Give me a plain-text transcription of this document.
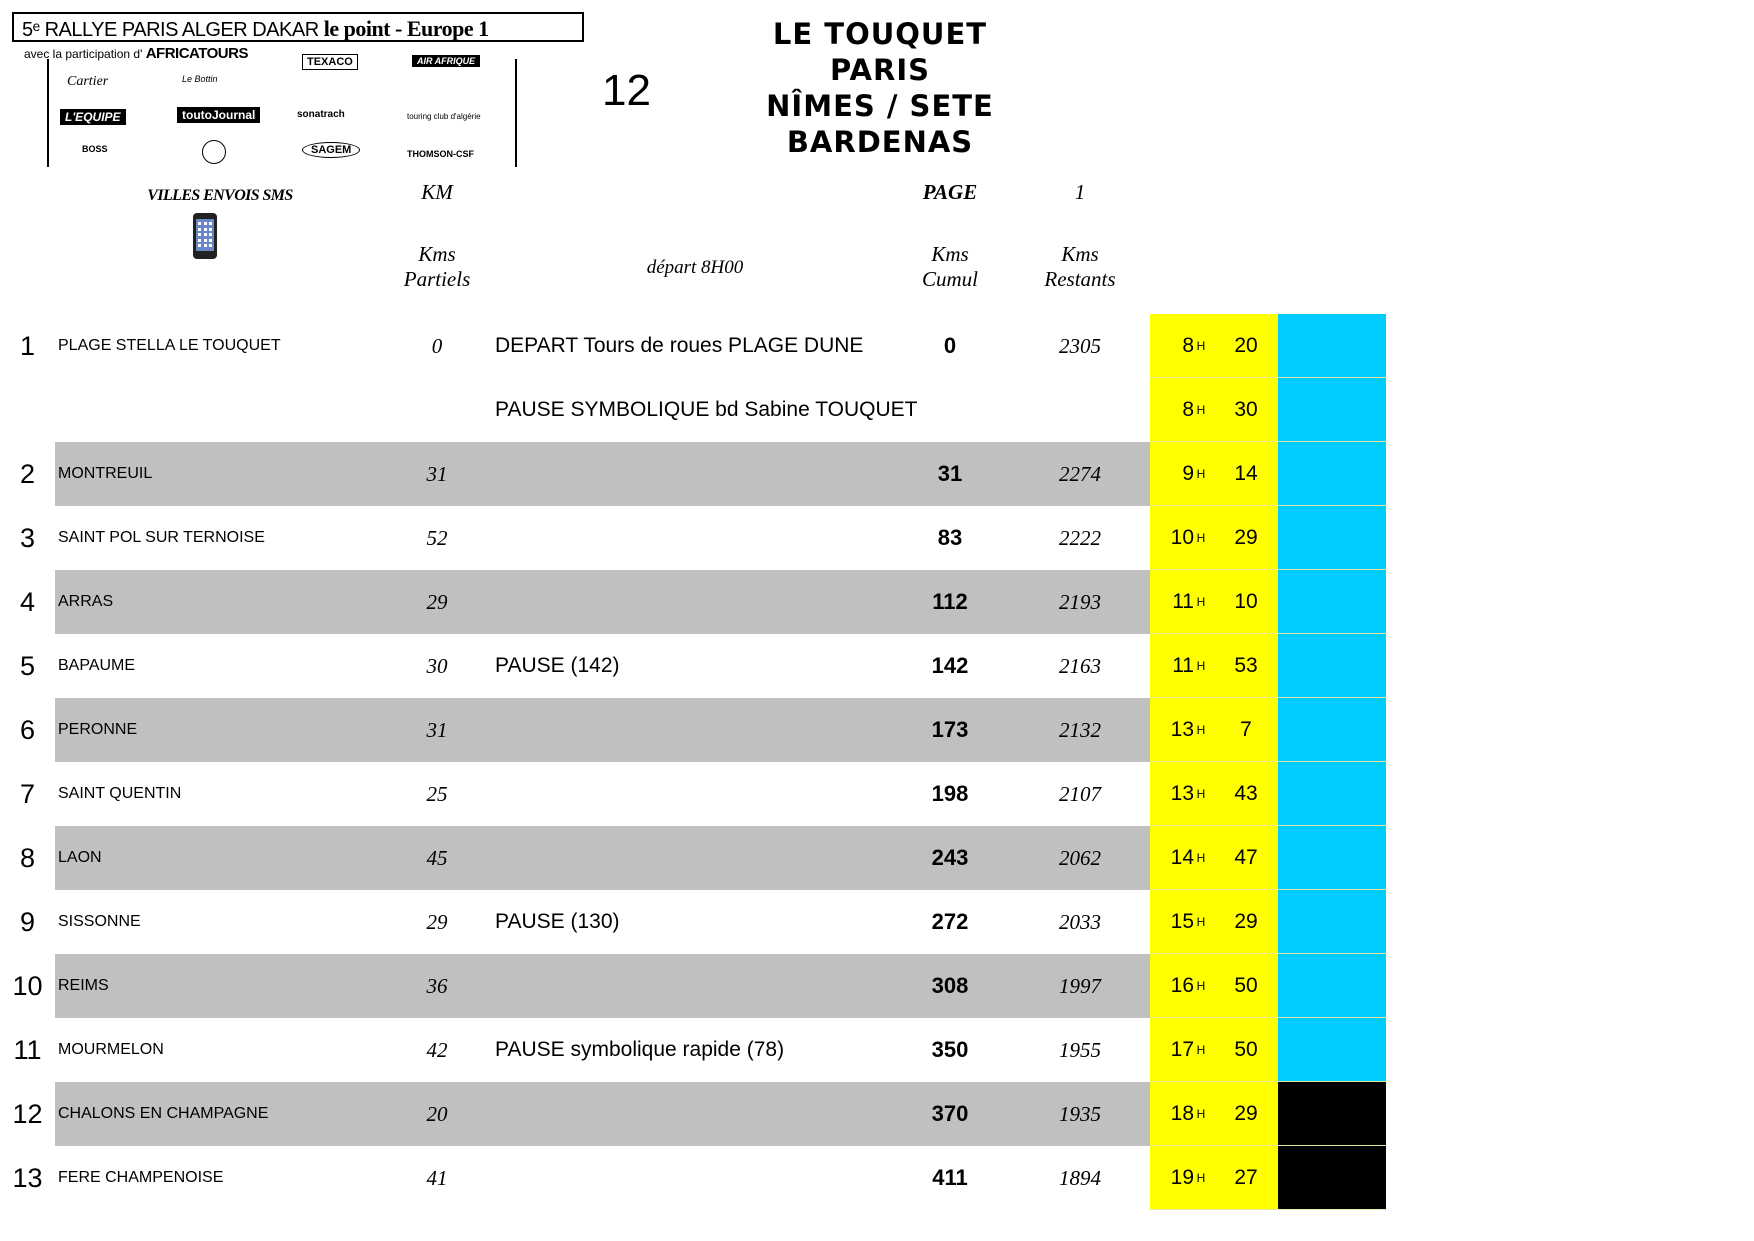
5ᵉ RALLYE PARIS ALGER DAKAR le point - Europe 1
avec la participation d' AFRICATOURS	TEXACO	AIR AFRIQUE
Cartier	Le Bottin
L'EQUIPE	toutoJournal	sonatrach	touring club d'algérie
BOSS	SAGEM	THOMSON-CSF
12
LE TOUQUET
PARIS
NÎMES / SETE
BARDENAS
VILLES ENVOIS SMS	KM
Kms
Partiels	départ 8H00
PAGE	1
Kms
Cumul
Kms
Restants
1	PLAGE STELLA LE TOUQUET	0	DEPART Tours de roues PLAGE DUNE	0	2305	8 H	20
PAUSE SYMBOLIQUE bd Sabine TOUQUET	8 H	30
2	MONTREUIL	31	31	2274	9 H	14
3	SAINT POL SUR TERNOISE	52	83	2222	10 H	29
4	ARRAS	29	112	2193	11 H	10
5	BAPAUME	30	PAUSE (142)	142	2163	11 H	53
6	PERONNE	31	173	2132	13 H	7
7	SAINT QUENTIN	25	198	2107	13 H	43
8	LAON	45	243	2062	14 H	47
9	SISSONNE	29	PAUSE (130)	272	2033	15 H	29
10 REIMS	36	308	1997	16 H	50
11	MOURMELON	42	PAUSE symbolique rapide (78)	350	1955	17 H	50
12 CHALONS EN CHAMPAGNE	20	370	1935	18 H	29
13 FERE CHAMPENOISE	41	411	1894	19 H	27
